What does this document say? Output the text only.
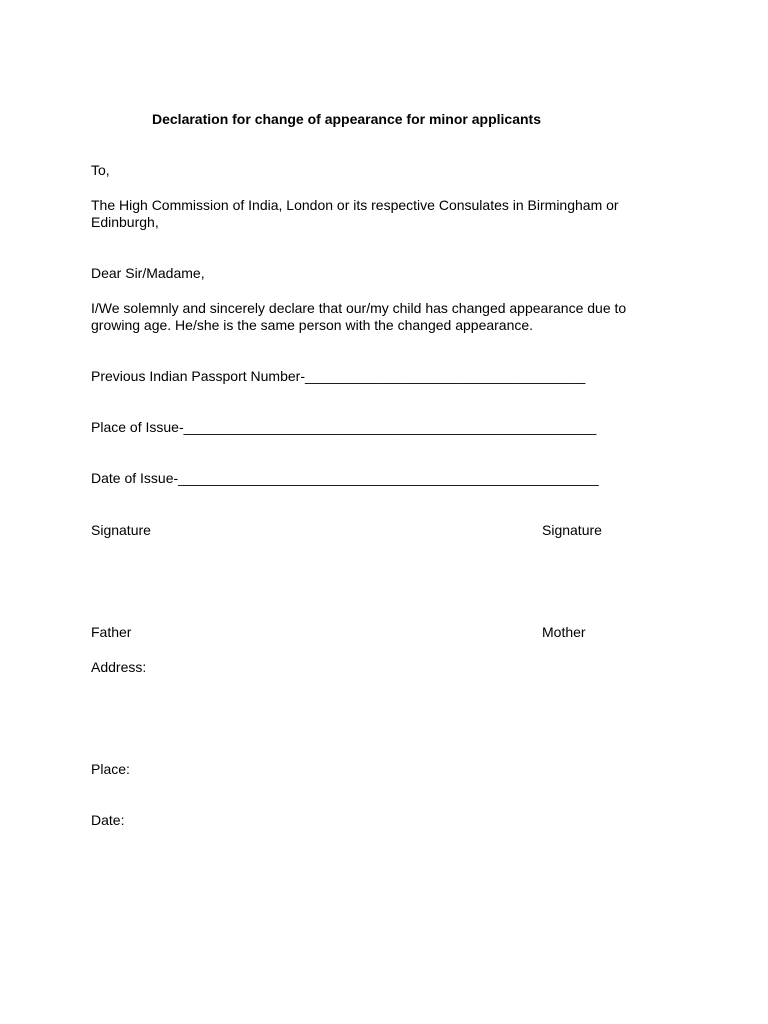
Declaration for change of appearance for minor applicants
To,
The High Commission of India, London or its respective Consulates in Birmingham or
Edinburgh,
Dear Sir/Madame,
I/We solemnly and sincerely declare that our/my child has changed appearance due to
growing age. He/she is the same person with the changed appearance.
Previous Indian Passport Number-____________________________________
Place of Issue-_____________________________________________________
Date of Issue-______________________________________________________
Signature	Signature
Father	Mother
Address:
Place:
Date:
